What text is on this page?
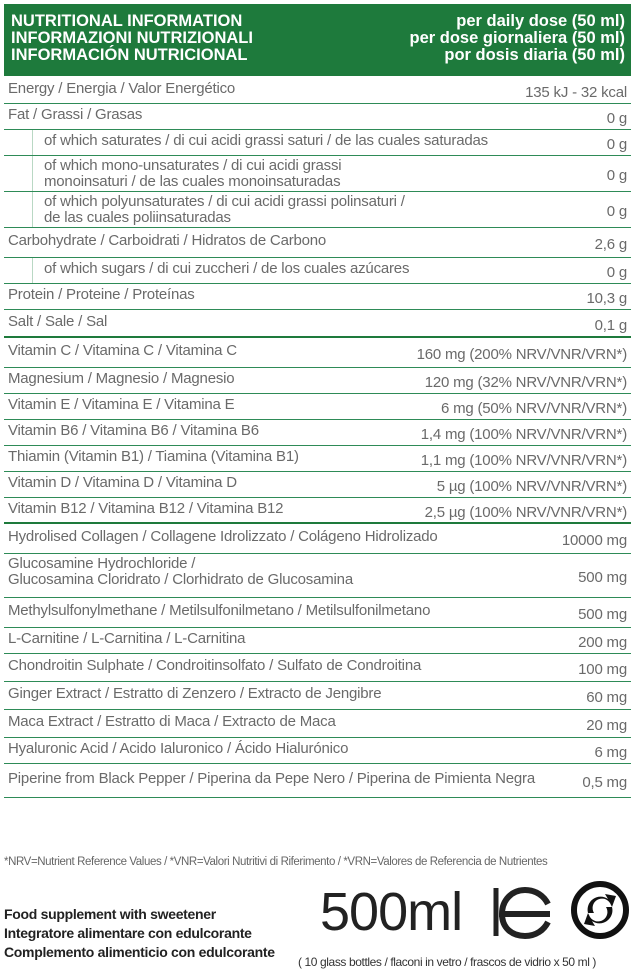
NUTRITIONAL INFORMATION
INFORMAZIONI NUTRIZIONALI
INFORMACIÓN NUTRICIONAL
per daily dose (50 ml)
per dose giornaliera (50 ml)
por dosis diaria (50 ml)
Energy / Energia / Valor Energético	135 kJ - 32 kcal
Fat / Grassi / Grasas	0 g
of which saturates / di cui acidi grassi saturi / de las cuales saturadas	0 g
of which mono-unsaturates / di cui acidi grassi
monoinsaturi / de las cuales monoinsaturadas	0 g
of which polyunsaturates / di cui acidi grassi polinsaturi /
de las cuales poliinsaturadas	0 g
Carbohydrate / Carboidrati / Hidratos de Carbono	2,6 g
of which sugars / di cui zuccheri / de los cuales azúcares	0 g
Protein / Proteine / Proteínas	10,3 g
Salt / Sale / Sal	0,1 g
Vitamin C / Vitamina C / Vitamina C	160 mg (200% NRV/VNR/VRN*)
Magnesium / Magnesio / Magnesio	120 mg (32% NRV/VNR/VRN*)
Vitamin E / Vitamina E / Vitamina E	6 mg (50% NRV/VNR/VRN*)
Vitamin B6 / Vitamina B6 / Vitamina B6	1,4 mg (100% NRV/VNR/VRN*)
Thiamin (Vitamin B1) / Tiamina (Vitamina B1)	1,1 mg (100% NRV/VNR/VRN*)
Vitamin D / Vitamina D / Vitamina D	5 µg (100% NRV/VNR/VRN*)
Vitamin B12 / Vitamina B12 / Vitamina B12	2,5 µg (100% NRV/VNR/VRN*)
Hydrolised Collagen / Collagene Idrolizzato / Colágeno Hidrolizado	10000 mg
Glucosamine Hydrochloride /
Glucosamina Cloridrato / Clorhidrato de Glucosamina	500 mg
Methylsulfonylmethane / Metilsulfonilmetano / Metilsulfonilmetano	500 mg
L-Carnitine / L-Carnitina / L-Carnitina	200 mg
Chondroitin Sulphate / Condroitinsolfato / Sulfato de Condroitina	100 mg
Ginger Extract / Estratto di Zenzero / Extracto de Jengibre	60 mg
Maca Extract / Estratto di Maca / Extracto de Maca	20 mg
Hyaluronic Acid / Acido Ialuronico / Ácido Hialurónico	6 mg
Piperine from Black Pepper / Piperina da Pepe Nero / Piperina de Pimienta Negra	0,5 mg
*NRV=Nutrient Reference Values / *VNR=Valori Nutritivi di Riferimento / *VRN=Valores de Referencia de Nutrientes
Food supplement with sweetener
Integratore alimentare con edulcorante
Complemento alimenticio con edulcorante
500ml
( 10 glass bottles / flaconi in vetro / frascos de vidrio x 50 ml )
